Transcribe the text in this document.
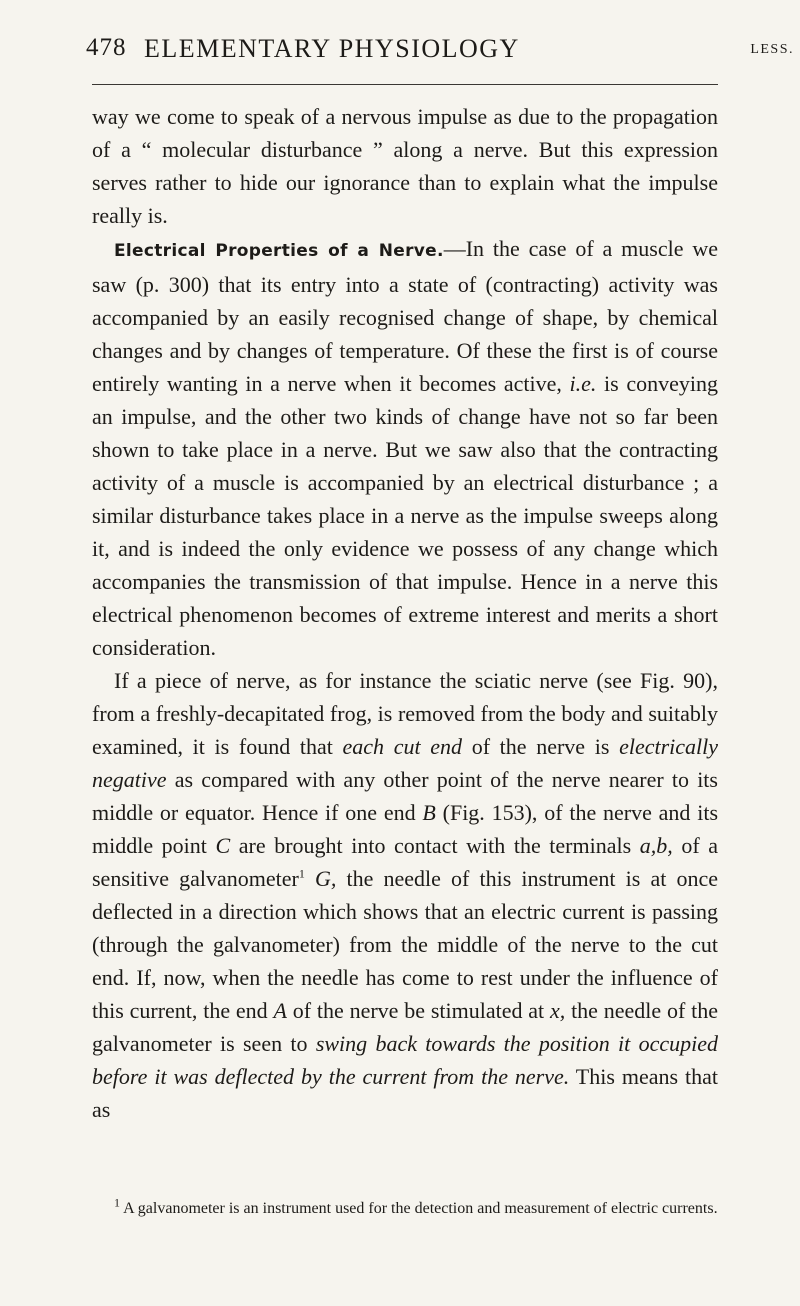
478 ELEMENTARY PHYSIOLOGY	LESS.

way we come to speak of a nervous impulse as due to the propagation of a “ molecular disturbance ” along a nerve. But this expression serves rather to hide our ignorance than to explain what the impulse really is.

Electrical Properties of a Nerve.—In the case of a muscle we saw (p. 300) that its entry into a state of (contracting) activity was accompanied by an easily recognised change of shape, by chemical changes and by changes of temperature. Of these the first is of course entirely wanting in a nerve when it becomes active, i.e. is conveying an impulse, and the other two kinds of change have not so far been shown to take place in a nerve. But we saw also that the contracting activity of a muscle is accompanied by an electrical disturbance ; a similar disturbance takes place in a nerve as the impulse sweeps along it, and is indeed the only evidence we possess of any change which accompanies the transmission of that impulse. Hence in a nerve this electrical phenomenon becomes of extreme interest and merits a short consideration.

If a piece of nerve, as for instance the sciatic nerve (see Fig. 90), from a freshly-decapitated frog, is removed from the body and suitably examined, it is found that each cut end of the nerve is electrically negative as compared with any other point of the nerve nearer to its middle or equator. Hence if one end B (Fig. 153), of the nerve and its middle point C are brought into contact with the terminals a,b, of a sensitive galvanometer$^1$ G, the needle of this instrument is at once deflected in a direction which shows that an electric current is passing (through the galvanometer) from the middle of the nerve to the cut end. If, now, when the needle has come to rest under the influence of this current, the end A of the nerve be stimulated at x, the needle of the galvanometer is seen to swing back towards the position it occupied before it was deflected by the current from the nerve. This means that as

$^1$ A galvanometer is an instrument used for the detection and measurement of electric currents.
